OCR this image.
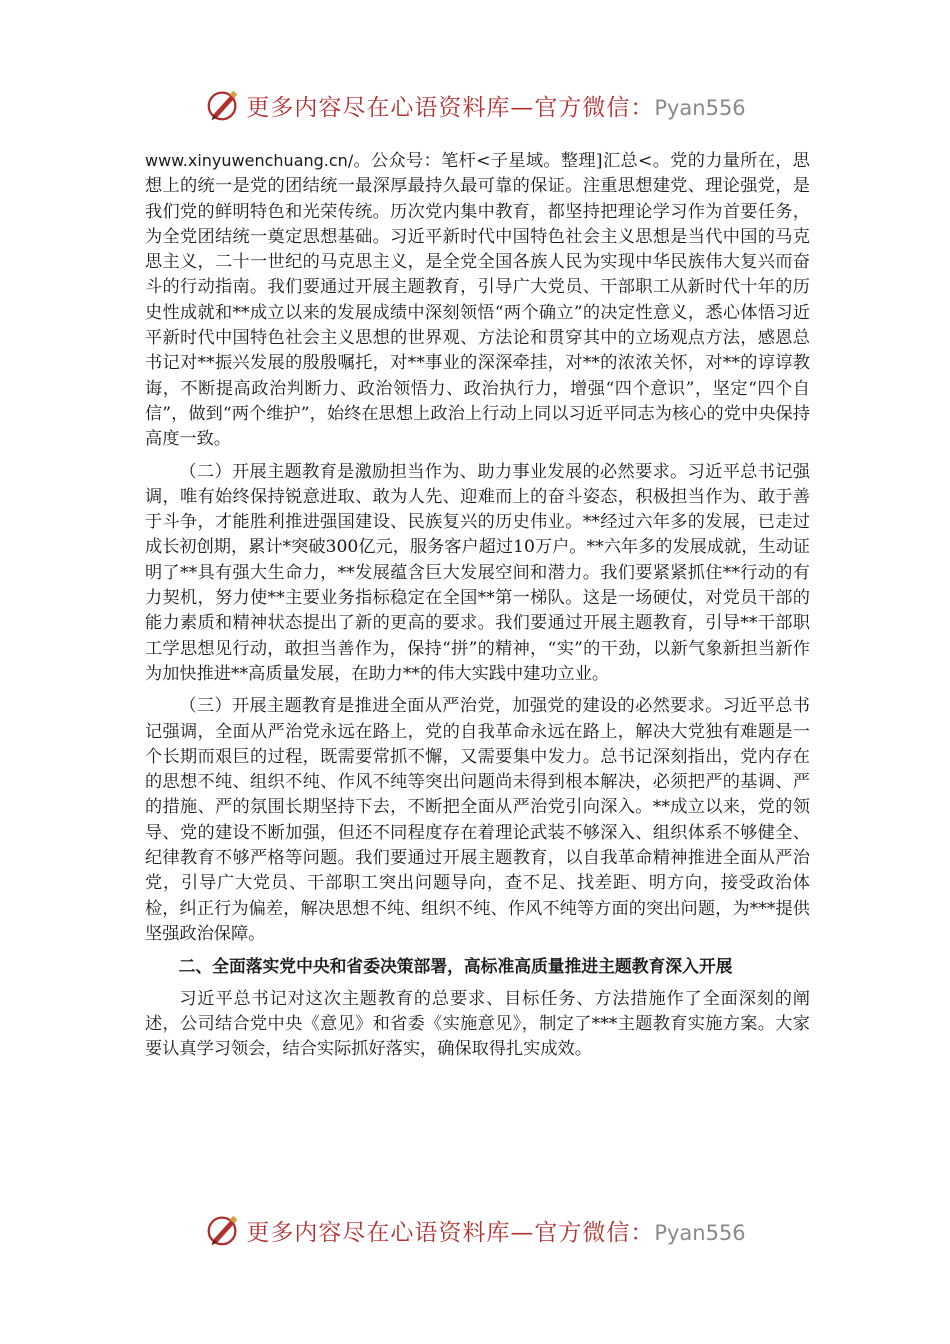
更多内容尽在心语资料库—官方微信：Pyan556

www.xinyuwenchuang.cn/。公众号：笔杆<子星域。整理]汇总<。党的力量所在，思想上的统一是党的团结统一最深厚最持久最可靠的保证。注重思想建党、理论强党，是我们党的鲜明特色和光荣传统。历次党内集中教育，都坚持把理论学习作为首要任务，为全党团结统一奠定思想基础。习近平新时代中国特色社会主义思想是当代中国的马克思主义，二十一世纪的马克思主义，是全党全国各族人民为实现中华民族伟大复兴而奋斗的行动指南。我们要通过开展主题教育，引导广大党员、干部职工从新时代十年的历史性成就和**成立以来的发展成绩中深刻领悟“两个确立”的决定性意义，悉心体悟习近平新时代中国特色社会主义思想的世界观、方法论和贯穿其中的立场观点方法，感恩总书记对**振兴发展的殷殷嘱托，对**事业的深深牵挂，对**的浓浓关怀，对**的谆谆教诲，不断提高政治判断力、政治领悟力、政治执行力，增强“四个意识”，坚定“四个自信”，做到“两个维护”，始终在思想上政治上行动上同以习近平同志为核心的党中央保持高度一致。

（二）开展主题教育是激励担当作为、助力事业发展的必然要求。习近平总书记强调，唯有始终保持锐意进取、敢为人先、迎难而上的奋斗姿态，积极担当作为、敢于善于斗争，才能胜利推进强国建设、民族复兴的历史伟业。**经过六年多的发展，已走过成长初创期，累计*突破300亿元，服务客户超过10万户。**六年多的发展成就，生动证明了**具有强大生命力，**发展蕴含巨大发展空间和潜力。我们要紧紧抓住**行动的有力契机，努力使**主要业务指标稳定在全国**第一梯队。这是一场硬仗，对党员干部的能力素质和精神状态提出了新的更高的要求。我们要通过开展主题教育，引导**干部职工学思想见行动，敢担当善作为，保持“拼”的精神，“实”的干劲，以新气象新担当新作为加快推进**高质量发展，在助力**的伟大实践中建功立业。

（三）开展主题教育是推进全面从严治党，加强党的建设的必然要求。习近平总书记强调，全面从严治党永远在路上，党的自我革命永远在路上，解决大党独有难题是一个长期而艰巨的过程，既需要常抓不懈，又需要集中发力。总书记深刻指出，党内存在的思想不纯、组织不纯、作风不纯等突出问题尚未得到根本解决，必须把严的基调、严的措施、严的氛围长期坚持下去，不断把全面从严治党引向深入。**成立以来，党的领导、党的建设不断加强，但还不同程度存在着理论武装不够深入、组织体系不够健全、纪律教育不够严格等问题。我们要通过开展主题教育，以自我革命精神推进全面从严治党，引导广大党员、干部职工突出问题导向，查不足、找差距、明方向，接受政治体检，纠正行为偏差，解决思想不纯、组织不纯、作风不纯等方面的突出问题，为***提供坚强政治保障。

二、全面落实党中央和省委决策部署，高标准高质量推进主题教育深入开展

习近平总书记对这次主题教育的总要求、目标任务、方法措施作了全面深刻的阐述，公司结合党中央《意见》和省委《实施意见》，制定了***主题教育实施方案。大家要认真学习领会，结合实际抓好落实，确保取得扎实成效。

更多内容尽在心语资料库—官方微信：Pyan556
